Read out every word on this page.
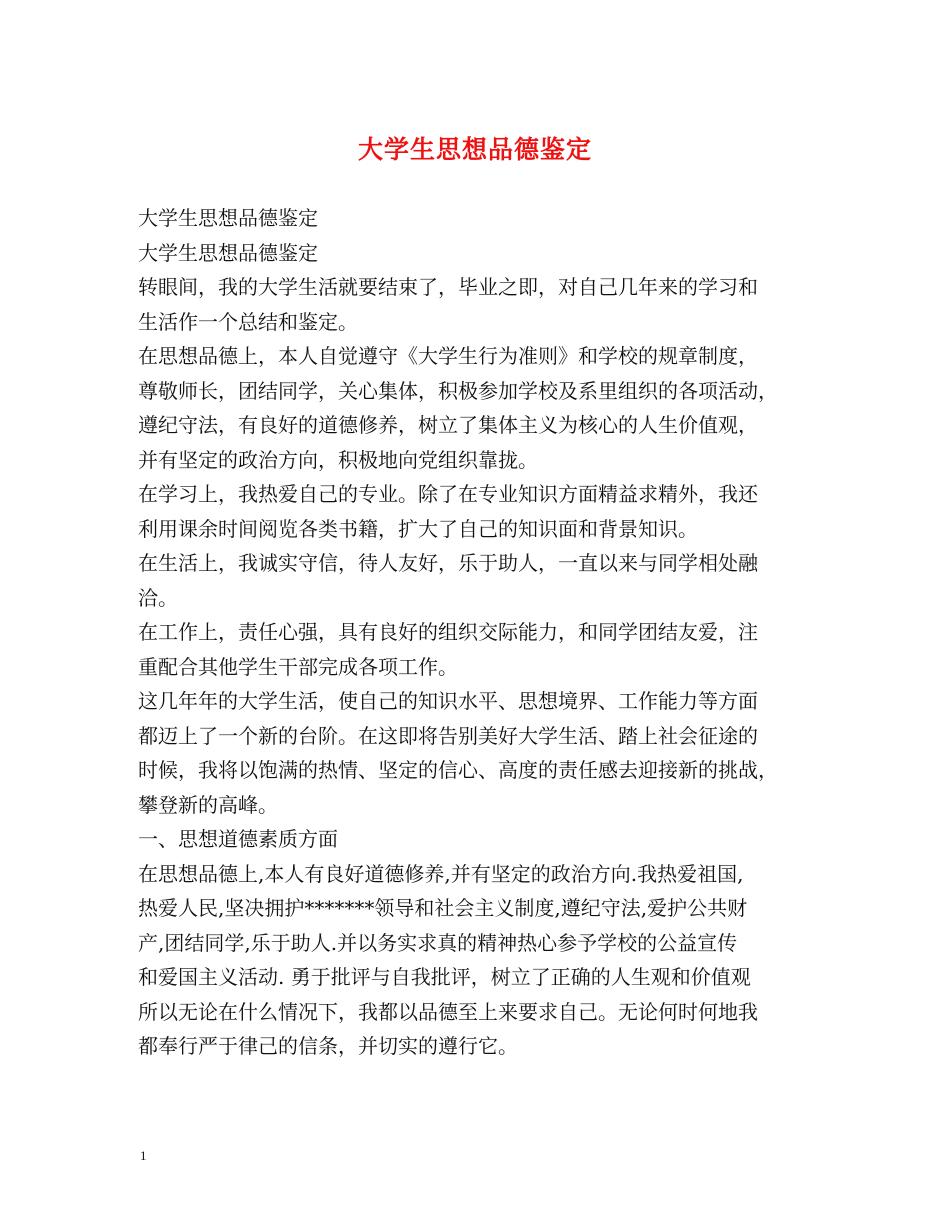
大学生思想品德鉴定

大学生思想品德鉴定

大学生思想品德鉴定

转眼间，我的大学生活就要结束了，毕业之即，对自己几年来的学习和

生活作一个总结和鉴定。

在思想品德上，本人自觉遵守《大学生行为准则》和学校的规章制度，

尊敬师长，团结同学，关心集体，积极参加学校及系里组织的各项活动，

遵纪守法，有良好的道德修养，树立了集体主义为核心的人生价值观，

并有坚定的政治方向，积极地向党组织靠拢。

在学习上，我热爱自己的专业。除了在专业知识方面精益求精外，我还

利用课余时间阅览各类书籍，扩大了自己的知识面和背景知识。

在生活上，我诚实守信，待人友好，乐于助人，一直以来与同学相处融

洽。

在工作上，责任心强，具有良好的组织交际能力，和同学团结友爱，注

重配合其他学生干部完成各项工作。

这几年年的大学生活，使自己的知识水平、思想境界、工作能力等方面

都迈上了一个新的台阶。在这即将告别美好大学生活、踏上社会征途的

时候，我将以饱满的热情、坚定的信心、高度的责任感去迎接新的挑战，

攀登新的高峰。

一、思想道德素质方面

在思想品德上,本人有良好道德修养,并有坚定的政治方向.我热爱祖国,

热爱人民,坚决拥护*******领导和社会主义制度,遵纪守法,爱护公共财

产,团结同学,乐于助人.并以务实求真的精神热心参予学校的公益宣传

和爱国主义活动. 勇于批评与自我批评，树立了正确的人生观和价值观

所以无论在什么情况下，我都以品德至上来要求自己。无论何时何地我

都奉行严于律己的信条，并切实的遵行它。

1
